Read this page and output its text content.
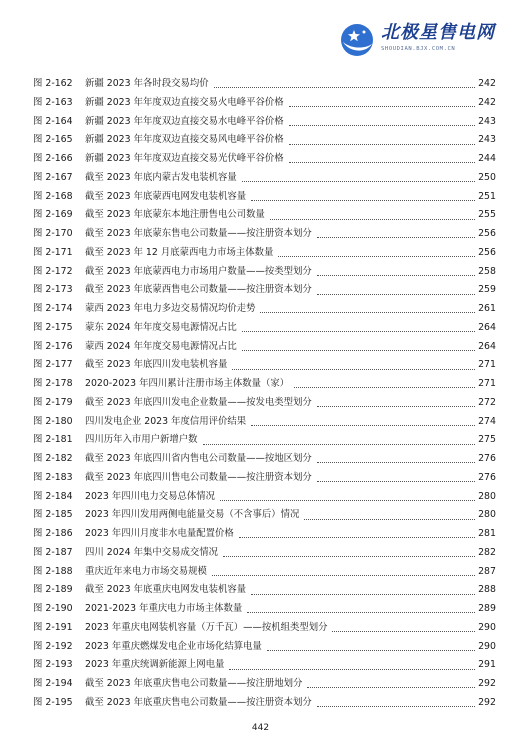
北极星售电网
SHOUDIAN.BJX.COM.CN
图 2-162	新疆 2023 年各时段交易均价	242
图 2-163	新疆 2023 年年度双边直接交易火电峰平谷价格	242
图 2-164	新疆 2023 年年度双边直接交易水电峰平谷价格	243
图 2-165	新疆 2023 年年度双边直接交易风电峰平谷价格	243
图 2-166	新疆 2023 年年度双边直接交易光伏峰平谷价格	244
图 2-167	截至 2023 年底内蒙古发电装机容量	250
图 2-168	截至 2023 年底蒙西电网发电装机容量	251
图 2-169	截至 2023 年底蒙东本地注册售电公司数量	255
图 2-170	截至 2023 年底蒙东售电公司数量——按注册资本划分	256
图 2-171	截至 2023 年 12 月底蒙西电力市场主体数量	256
图 2-172	截至 2023 年底蒙西电力市场用户数量——按类型划分	258
图 2-173	截至 2023 年底蒙西售电公司数量——按注册资本划分	259
图 2-174	蒙西 2023 年电力多边交易情况均价走势	261
图 2-175	蒙东 2024 年年度交易电源情况占比	264
图 2-176	蒙西 2024 年年度交易电源情况占比	264
图 2-177	截至 2023 年底四川发电装机容量	271
图 2-178	2020-2023 年四川累计注册市场主体数量（家）	271
图 2-179	截至 2023 年底四川发电企业数量——按发电类型划分	272
图 2-180	四川发电企业 2023 年度信用评价结果	274
图 2-181	四川历年入市用户新增户数	275
图 2-182	截至 2023 年底四川省内售电公司数量——按地区划分	276
图 2-183	截至 2023 年底四川售电公司数量——按注册资本划分	276
图 2-184	2023 年四川电力交易总体情况	280
图 2-185	2023 年四川发用两侧电能量交易（不含事后）情况	280
图 2-186	2023 年四川月度非水电量配置价格	281
图 2-187	四川 2024 年集中交易成交情况	282
图 2-188	重庆近年来电力市场交易规模	287
图 2-189	截至 2023 年底重庆电网发电装机容量	288
图 2-190	2021-2023 年重庆电力市场主体数量	289
图 2-191	2023 年重庆电网装机容量（万千瓦）——按机组类型划分	290
图 2-192	2023 年重庆燃煤发电企业市场化结算电量	290
图 2-193	2023 年重庆统调新能源上网电量	291
图 2-194	截至 2023 年底重庆售电公司数量——按注册地划分	292
图 2-195	截至 2023 年底重庆售电公司数量——按注册资本划分	292
442
